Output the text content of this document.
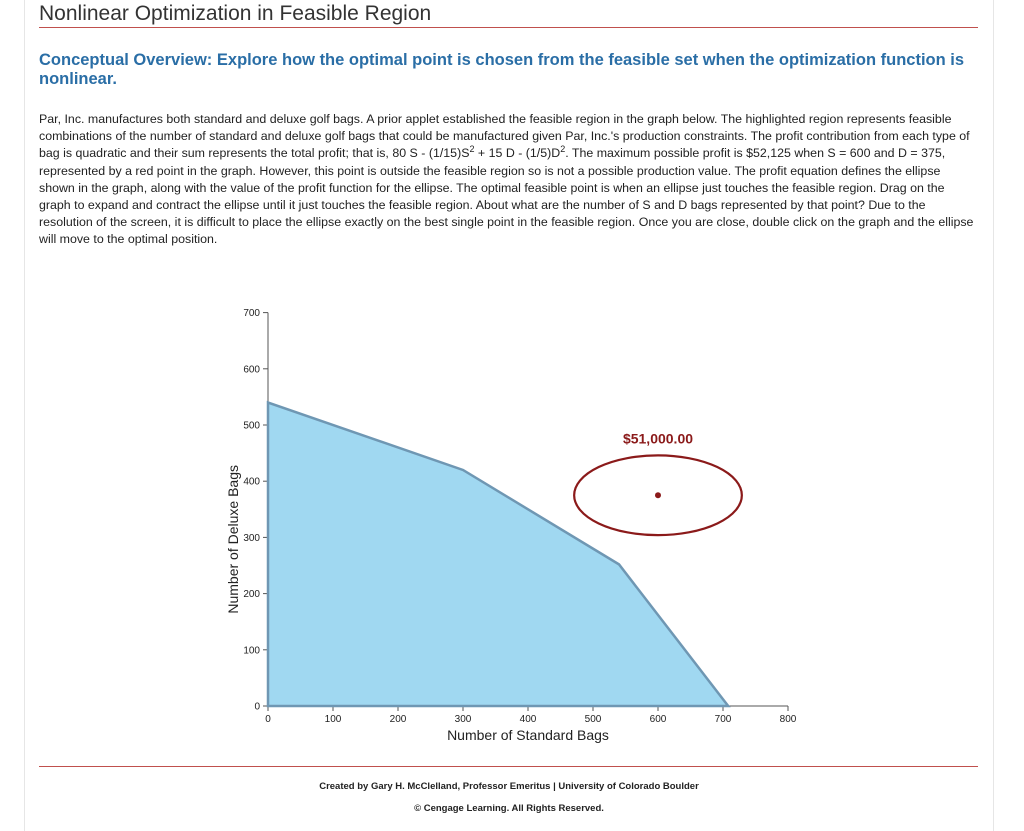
Nonlinear Optimization in Feasible Region
Conceptual Overview: Explore how the optimal point is chosen from the feasible set when the optimization function is nonlinear.

Par, Inc. manufactures both standard and deluxe golf bags. A prior applet established the feasible region in the graph below. The highlighted region represents feasible combinations of the number of standard and deluxe golf bags that could be manufactured given Par, Inc.'s production constraints. The profit contribution from each type of bag is quadratic and their sum represents the total profit; that is, 80 $S - (1/15)S^2 + 15$ D - $(1/5)D^2$. The maximum possible profit is $52,125 when S = 600 and D = 375, represented by a red point in the graph. However, this point is outside the feasible region so is not a possible production value. The profit equation defines the ellipse shown in the graph, along with the value of the profit function for the ellipse. The optimal feasible point is when an ellipse just touches the feasible region. Drag on the graph to expand and contract the ellipse until it just touches the feasible region. About what are the number of S and D bags represented by that point? Due to the resolution of the screen, it is difficult to place the ellipse exactly on the best single point in the feasible region. Once you are close, double click on the graph and the ellipse will move to the optimal position.

Created by Gary H. McClelland, Professor Emeritus | University of Colorado Boulder
© Cengage Learning. All Rights Reserved.
0	100	200	300	400	500	600	700	800
0
100
200
300
400
500
600
700
$51,000.00
Number of Standard Bags
Number of Deluxe Bags
